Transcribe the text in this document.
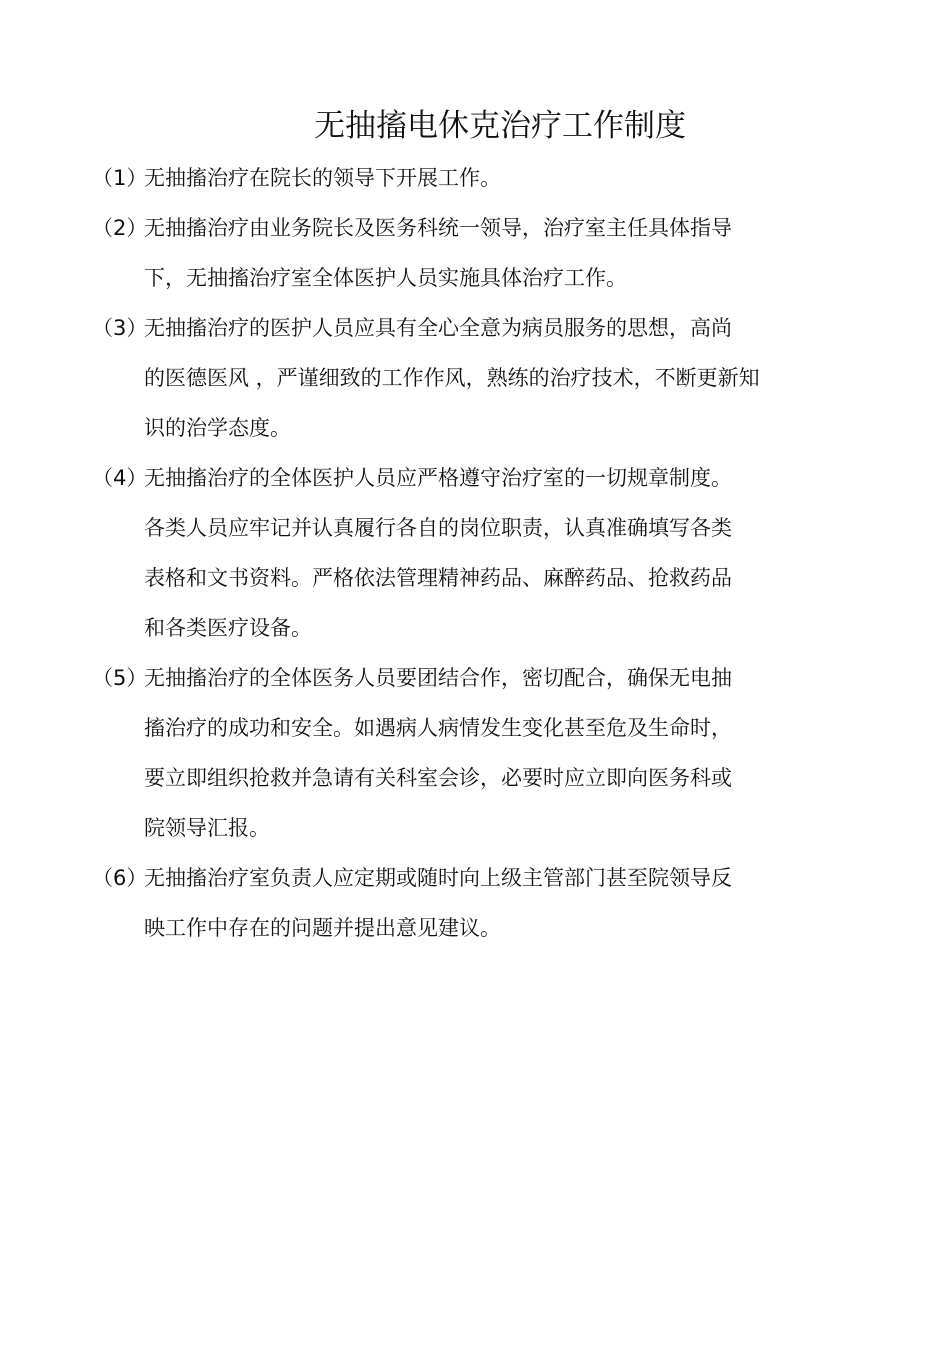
无抽搐电休克治疗工作制度
（1）
无抽搐治疗在院长的领导下开展工作。
（2）
无抽搐治疗由业务院长及医务科统一领导，治疗室主任具体指导
下，无抽搐治疗室全体医护人员实施具体治疗工作。
（3）
无抽搐治疗的医护人员应具有全心全意为病员服务的思想，高尚
的医德医风 ，严谨细致的工作作风，熟练的治疗技术，不断更新知
识的治学态度。
（4）
无抽搐治疗的全体医护人员应严格遵守治疗室的一切规章制度。
各类人员应牢记并认真履行各自的岗位职责，认真准确填写各类
表格和文书资料。严格依法管理精神药品、麻醉药品、抢救药品
和各类医疗设备。
（5）
无抽搐治疗的全体医务人员要团结合作，密切配合，确保无电抽
搐治疗的成功和安全。如遇病人病情发生变化甚至危及生命时，
要立即组织抢救并急请有关科室会诊，必要时应立即向医务科或
院领导汇报。
（6）
无抽搐治疗室负责人应定期或随时向上级主管部门甚至院领导反
映工作中存在的问题并提出意见建议。
